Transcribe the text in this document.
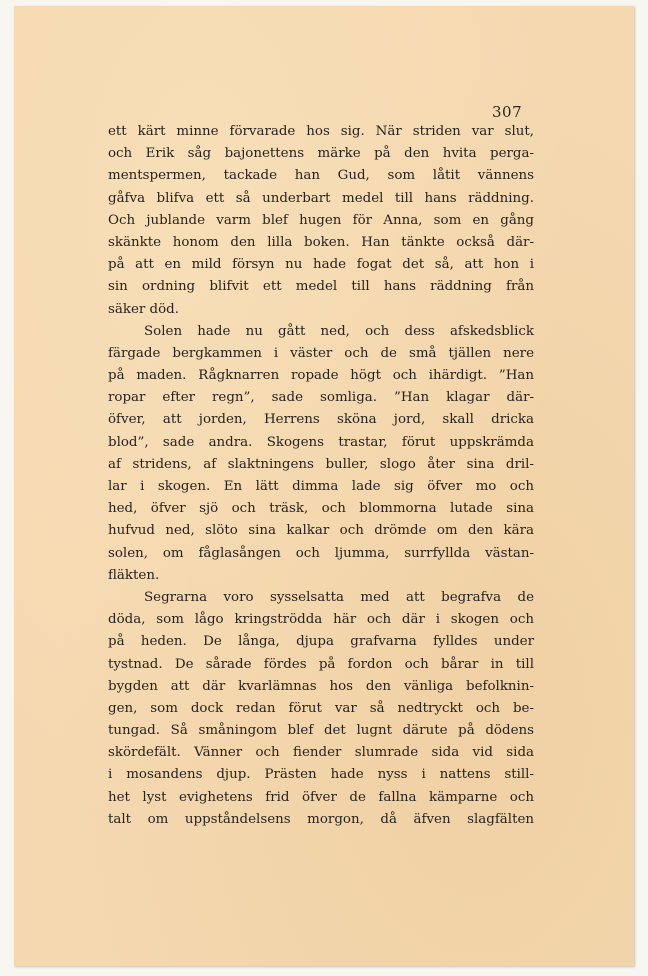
307
ett kärt minne förvarade hos sig. När striden var slut,
och Erik såg bajonettens märke på den hvita perga-
mentspermen, tackade han Gud, som låtit vännens
gåfva blifva ett så underbart medel till hans räddning.
Och jublande varm blef hugen för Anna, som en gång
skänkte honom den lilla boken. Han tänkte också där-
på att en mild försyn nu hade fogat det så, att hon i
sin ordning blifvit ett medel till hans räddning från
säker död.
Solen hade nu gått ned, och dess afskedsblick
färgade bergkammen i väster och de små tjällen nere
på maden. Rågknarren ropade högt och ihärdigt. ”Han
ropar efter regn”, sade somliga. ”Han klagar där-
öfver, att jorden, Herrens sköna jord, skall dricka
blod”, sade andra. Skogens trastar, förut uppskrämda
af stridens, af slaktningens buller, slogo åter sina dril-
lar i skogen. En lätt dimma lade sig öfver mo och
hed, öfver sjö och träsk, och blommorna lutade sina
hufvud ned, slöto sina kalkar och drömde om den kära
solen, om fåglasången och ljumma, surrfyllda västan-
fläkten.
Segrarna voro sysselsatta med att begrafva de
döda, som lågo kringströdda här och där i skogen och
på heden. De långa, djupa grafvarna fylldes under
tystnad. De sårade fördes på fordon och bårar in till
bygden att där kvarlämnas hos den vänliga befolknin-
gen, som dock redan förut var så nedtryckt och be-
tungad. Så småningom blef det lugnt därute på dödens
skördefält. Vänner och fiender slumrade sida vid sida
i mosandens djup. Prästen hade nyss i nattens still-
het lyst evighetens frid öfver de fallna kämparne och
talt om uppståndelsens morgon, då äfven slagfälten
